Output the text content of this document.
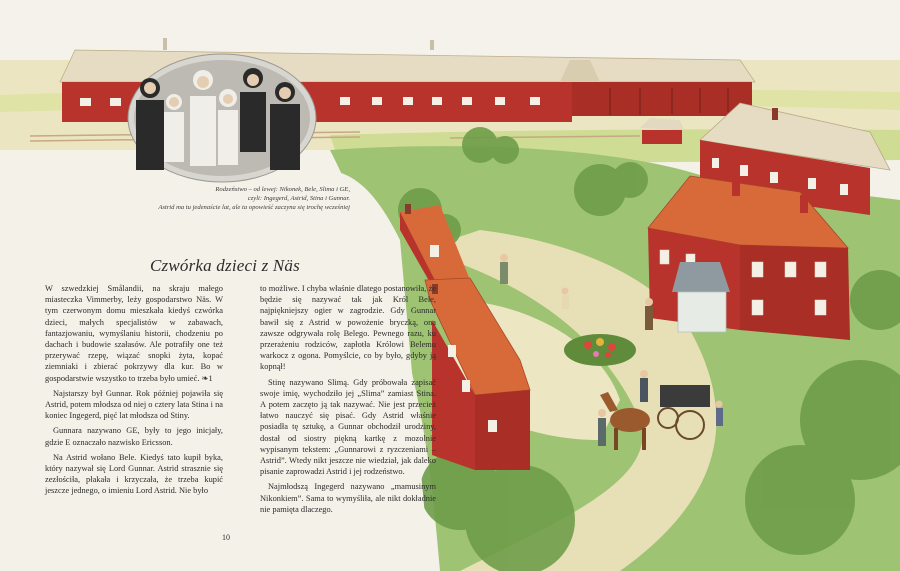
Rodzeństwo – od lewej: Nikonek, Bele, Slima i GE,
czyli: Ingegerd, Astrid, Stina i Gunnar.
Astrid ma tu jedenaście lat, ale ta opowieść zaczyna się trochę wcześniej
Czwórka dzieci z Näs

W szwedzkiej Smålandii, na skraju małego miasteczka Vimmerby, leży gospodarstwo Näs. W tym czerwonym domu mieszkała kiedyś czwórka dzieci, małych specjalistów w zabawach, fantazjowaniu, wymyślaniu historii, chodzeniu po dachach i budowie szałasów. Ale potrafiły one też przerywać rzepę, wiązać snopki żyta, kopać ziemniaki i zbierać pokrzywy dla kur. Bo w gospodarstwie wszystko to trzeba było umieć. ❧1

Najstarszy był Gunnar. Rok później pojawiła się Astrid, potem młodsza od niej o cztery lata Stina i na koniec Ingegerd, pięć lat młodsza od Stiny.

Gunnara nazywano GE, były to jego inicjały, gdzie E oznaczało nazwisko Ericsson.

Na Astrid wołano Bele. Kiedyś tato kupił byka, który nazywał się Lord Gunnar. Astrid strasznie się zezłościła, płakała i krzyczała, że trzeba kupić jeszcze jednego, o imieniu Lord Astrid. Nie było

to możliwe. I chyba właśnie dlatego postanowiła, że będzie się nazywać tak jak Król Bele, najpiękniejszy ogier w zagrodzie. Gdy Gunnar bawił się z Astrid w powożenie bryczką, ona zawsze odgrywała rolę Belego. Pewnego razu, ku przerażeniu rodziców, zapłotła Królowi Belemu warkocz z ogona. Pomyślcie, co by było, gdyby ją kopnął!

Stinę nazywano Slimą. Gdy próbowała zapisać swoje imię, wychodziło jej „Slima” zamiast Stina. A potem zaczęto ją tak nazywać. Nie jest przecież łatwo nauczyć się pisać. Gdy Astrid właśnie posiadła tę sztukę, a Gunnar obchodził urodziny, dostał od siostry piękną kartkę z mozolnie wypisanym tekstem: „Gunnarowi z ryzczeniami – Astrid”. Wtedy nikt jeszcze nie wiedział, jak daleko pisanie zaprowadzi Astrid i jej rodzeństwo.

Najmłodszą Ingegerd nazywano „mamusinym Nikonkiem”. Sama to wymyśliła, ale nikt dokładnie nie pamięta dlaczego.

10
